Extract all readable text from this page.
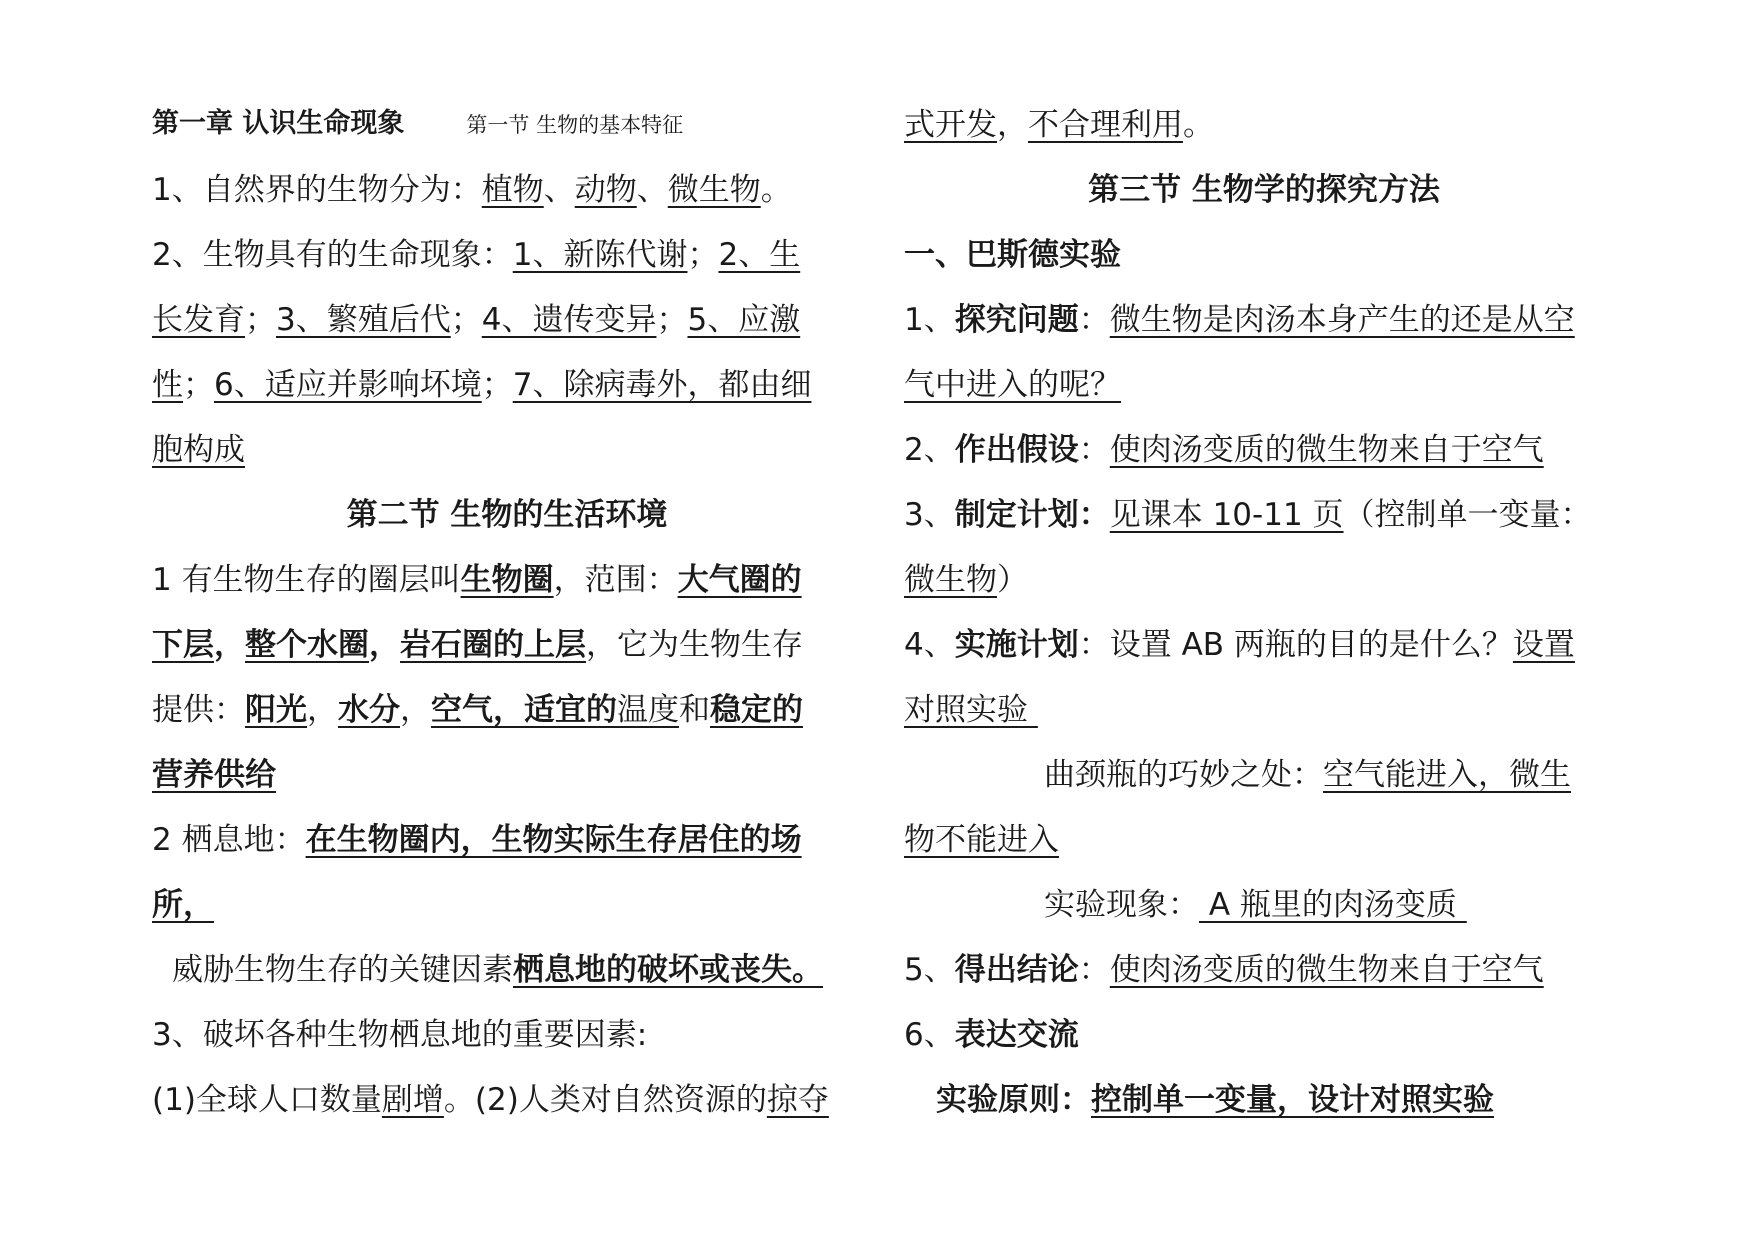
第一章 认识生命现象	第一节 生物的基本特征
1、自然界的生物分为：植物、动物、微生物。
2、生物具有的生命现象：1、新陈代谢；2、生
长发育；3、繁殖后代；4、遗传变异；5、应激
性；6、适应并影响坏境；7、除病毒外，都由细
胞构成
第二节 生物的生活环境
1 有生物生存的圈层叫生物圈，范围：大气圈的
下层，整个水圈，岩石圈的上层，它为生物生存
提供：阳光，水分，空气，适宜的温度和稳定的
营养供给
2 栖息地：在生物圈内，生物实际生存居住的场
所，
威胁生物生存的关键因素栖息地的破坏或丧失。
3、破坏各种生物栖息地的重要因素:
(1)全球人口数量剧增。(2)人类对自然资源的掠夺
式开发，不合理利用。
第三节 生物学的探究方法
一、巴斯德实验
1、探究问题：微生物是肉汤本身产生的还是从空
气中进入的呢？
2、作出假设：使肉汤变质的微生物来自于空气
3、制定计划：见课本 10-11 页（控制单一变量：
微生物）
4、实施计划：设置 AB 两瓶的目的是什么？设置
对照实验
曲颈瓶的巧妙之处：空气能进入，微生
物不能进入
实验现象： A 瓶里的肉汤变质
5、得出结论：使肉汤变质的微生物来自于空气
6、表达交流
实验原则：控制单一变量，设计对照实验
